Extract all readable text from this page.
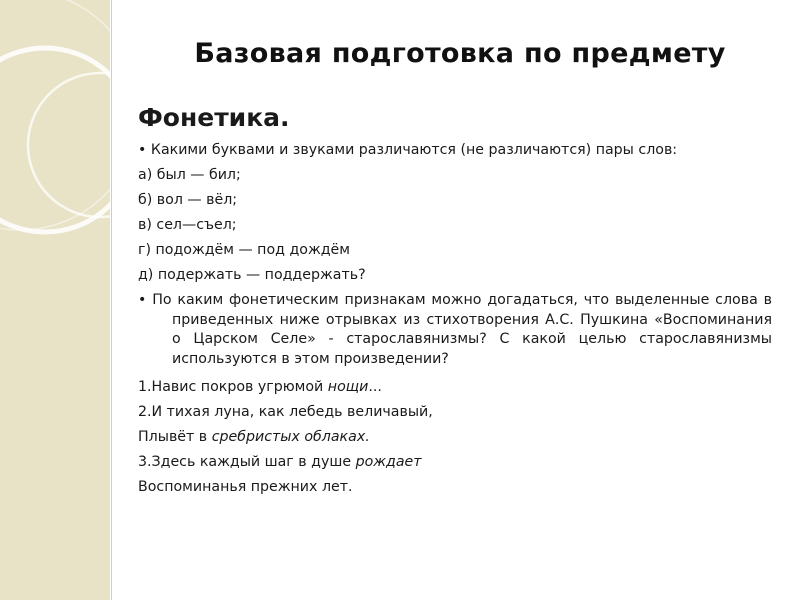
Базовая подготовка по предмету
Фонетика.
• Какими буквами и звуками различаются (не различаются) пары слов:
а) был — бил;
б) вол — вёл;
в) сел—съел;
г) подождём — под дождём
д) подержать — поддержать?
• По каким фонетическим признакам можно догадаться, что выделенные слова в приведенных ниже отрывках из стихотворения А.С. Пушкина «Воспоминания о Царском Селе» - старославянизмы? С какой целью старославянизмы используются в этом произведении?
1.Навис покров угрюмой нощи...
2.И тихая луна, как лебедь величавый,
Плывёт в сребристых облаках.
3.Здесь каждый шаг в душе рождает
Воспоминанья прежних лет.
